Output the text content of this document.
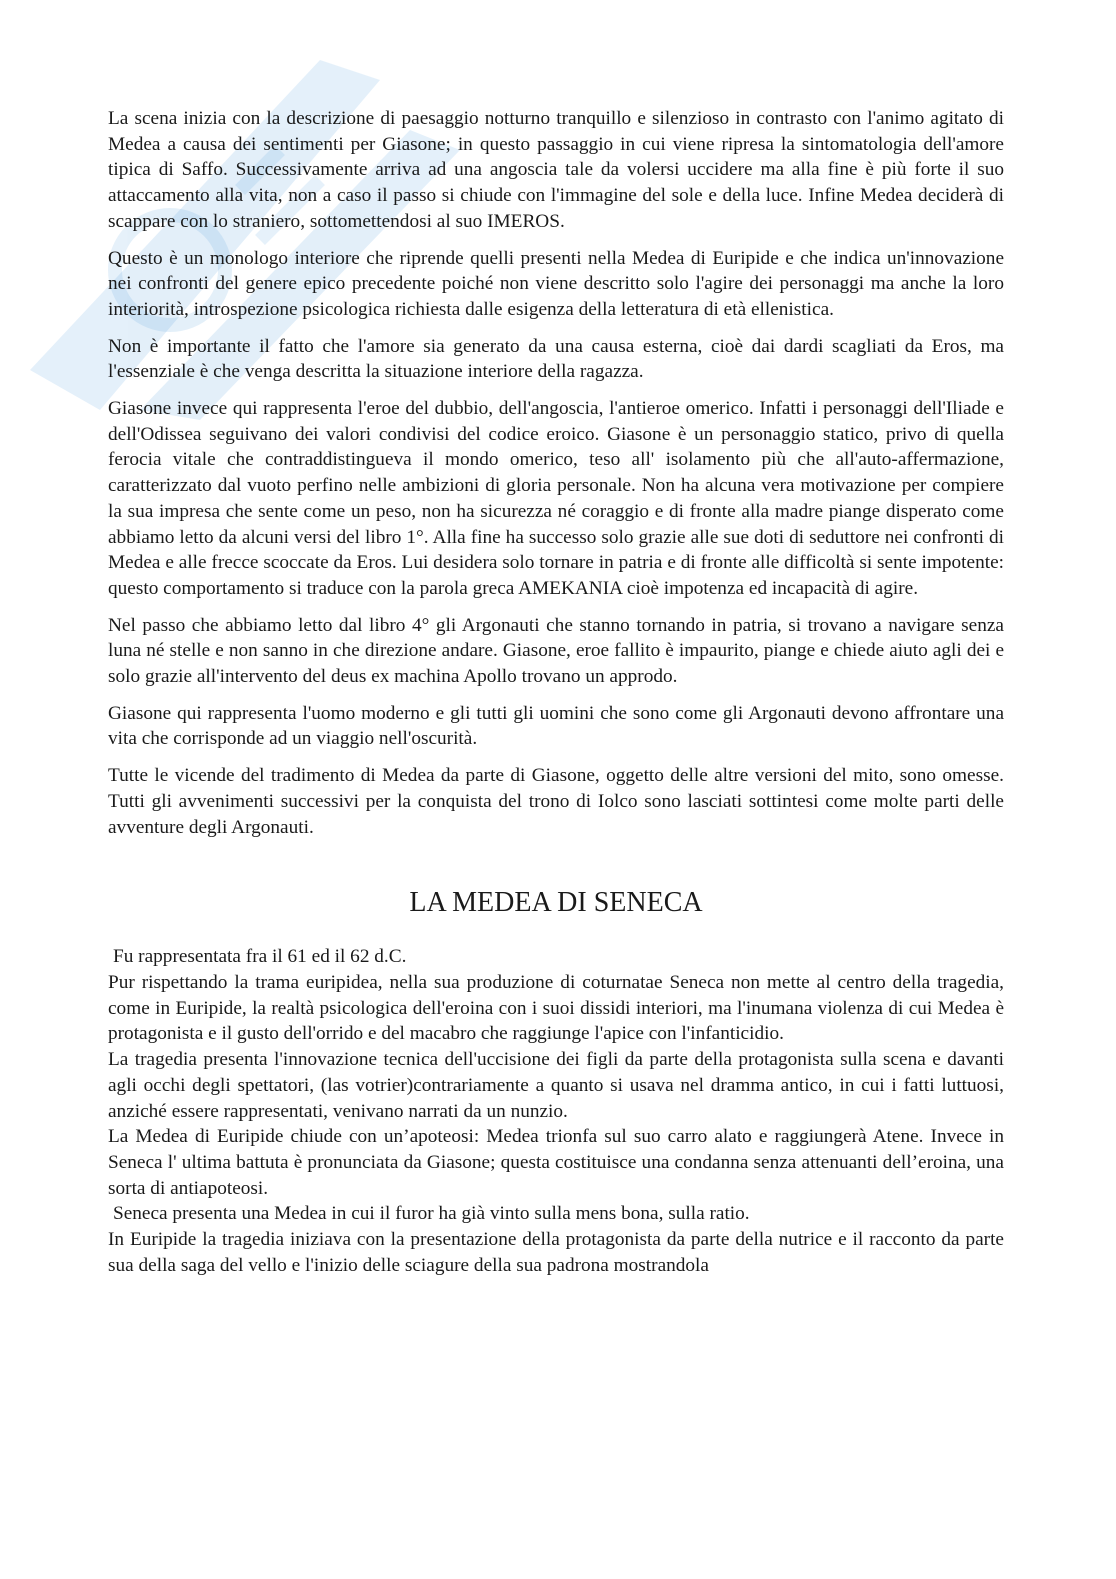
La scena inizia con la descrizione di paesaggio notturno tranquillo e silenzioso in contrasto con l'animo agitato di Medea a causa dei sentimenti per Giasone; in questo passaggio in cui viene ripresa la sintomatologia dell'amore tipica di Saffo. Successivamente arriva ad una angoscia tale da volersi uccidere ma alla fine è più forte il suo attaccamento alla vita, non a caso il passo si chiude con l'immagine del sole e della luce. Infine Medea deciderà di scappare con lo straniero, sottomettendosi al suo IMEROS.

Questo è un monologo interiore che riprende quelli presenti nella Medea di Euripide e che indica un'innovazione nei confronti del genere epico precedente poiché non viene descritto solo l'agire dei personaggi ma anche la loro interiorità, introspezione psicologica richiesta dalle esigenza della letteratura di età ellenistica.

Non è importante il fatto che l'amore sia generato da una causa esterna, cioè dai dardi scagliati da Eros, ma l'essenziale è che venga descritta la situazione interiore della ragazza.

Giasone invece qui rappresenta l'eroe del dubbio, dell'angoscia, l'antieroe omerico. Infatti i personaggi dell'Iliade e dell'Odissea seguivano dei valori condivisi del codice eroico. Giasone è un personaggio statico, privo di quella ferocia vitale che contraddistingueva il mondo omerico, teso all' isolamento più che all'auto-affermazione, caratterizzato dal vuoto perfino nelle ambizioni di gloria personale. Non ha alcuna vera motivazione per compiere la sua impresa che sente come un peso, non ha sicurezza né coraggio e di fronte alla madre piange disperato come abbiamo letto da alcuni versi del libro 1°. Alla fine ha successo solo grazie alle sue doti di seduttore nei confronti di Medea e alle frecce scoccate da Eros. Lui desidera solo tornare in patria e di fronte alle difficoltà si sente impotente: questo comportamento si traduce con la parola greca AMEKANIA cioè impotenza ed incapacità di agire.

Nel passo che abbiamo letto dal libro 4° gli Argonauti che stanno tornando in patria, si trovano a navigare senza luna né stelle e non sanno in che direzione andare. Giasone, eroe fallito è impaurito, piange e chiede aiuto agli dei e solo grazie all'intervento del deus ex machina Apollo trovano un approdo.

Giasone qui rappresenta l'uomo moderno e gli tutti gli uomini che sono come gli Argonauti devono affrontare una vita che corrisponde ad un viaggio nell'oscurità.

Tutte le vicende del tradimento di Medea da parte di Giasone, oggetto delle altre versioni del mito, sono omesse. Tutti gli avvenimenti successivi per la conquista del trono di Iolco sono lasciati sottintesi come molte parti delle avventure degli Argonauti.

LA MEDEA DI SENECA

Fu rappresentata fra il 61 ed il 62 d.C.

Pur rispettando la trama euripidea, nella sua produzione di coturnatae Seneca non mette al centro della tragedia, come in Euripide, la realtà psicologica dell'eroina con i suoi dissidi interiori, ma l'inumana violenza di cui Medea è protagonista e il gusto dell'orrido e del macabro che raggiunge l'apice con l'infanticidio.

La tragedia presenta l'innovazione tecnica dell'uccisione dei figli da parte della protagonista sulla scena e davanti agli occhi degli spettatori, (las votrier)contrariamente a quanto si usava nel dramma antico, in cui i fatti luttuosi, anziché essere rappresentati, venivano narrati da un nunzio.

La Medea di Euripide chiude con un’apoteosi: Medea trionfa sul suo carro alato e raggiungerà Atene. Invece in Seneca l' ultima battuta è pronunciata da Giasone; questa costituisce una condanna senza attenuanti dell’eroina, una sorta di antiapoteosi.

Seneca presenta una Medea in cui il furor ha già vinto sulla mens bona, sulla ratio.

In Euripide la tragedia iniziava con la presentazione della protagonista da parte della nutrice e il racconto da parte sua della saga del vello e l'inizio delle sciagure della sua padrona mostrandola
